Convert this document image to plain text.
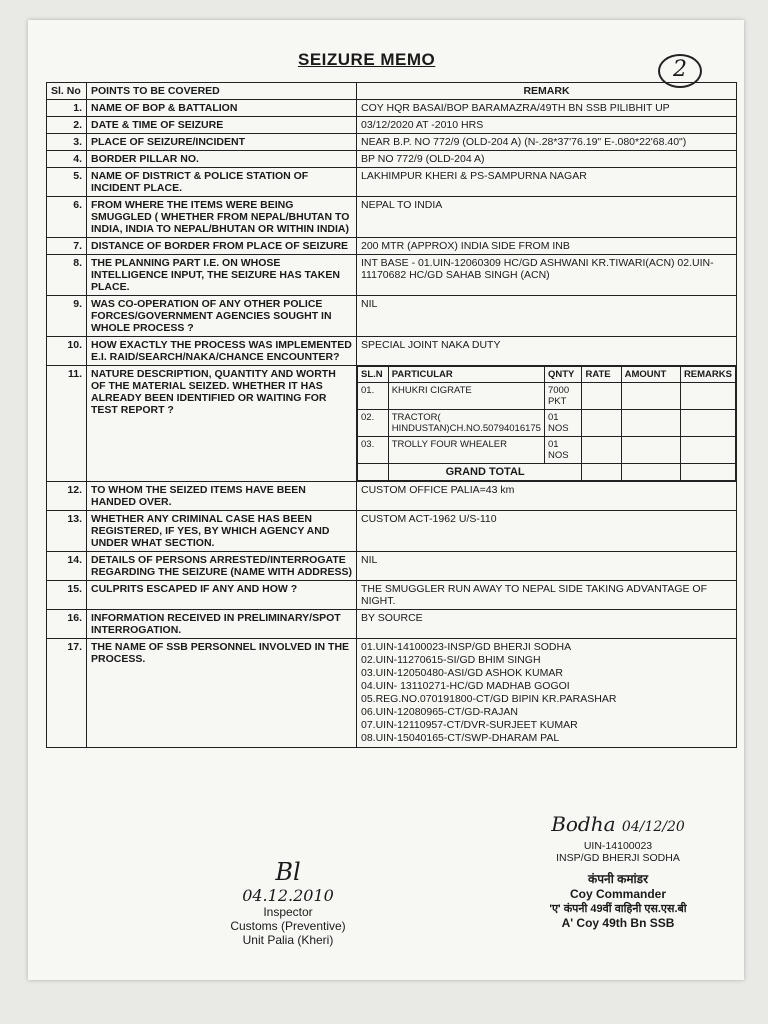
SEIZURE MEMO	2
Sl. No	POINTS TO BE COVERED	REMARK
1.	NAME OF BOP & BATTALION	COY HQR BASAI/BOP BARAMAZRA/49TH BN SSB PILIBHIT UP
2.	DATE & TIME OF SEIZURE	03/12/2020 AT -2010 HRS
3.	PLACE OF SEIZURE/INCIDENT	NEAR B.P. NO 772/9 (OLD-204 A) (N-.28*37'76.19" E-.080*22'68.40")
4.	BORDER PILLAR NO.	BP NO 772/9 (OLD-204 A)
5.	NAME OF DISTRICT & POLICE STATION OF INCIDENT PLACE.	LAKHIMPUR KHERI & PS-SAMPURNA NAGAR
6.	FROM WHERE THE ITEMS WERE BEING SMUGGLED ( WHETHER FROM NEPAL/BHUTAN TO INDIA, INDIA TO NEPAL/BHUTAN OR WITHIN INDIA)	NEPAL TO INDIA
7.	DISTANCE OF BORDER FROM PLACE OF SEIZURE	200 MTR (APPROX) INDIA SIDE FROM INB
8.	THE PLANNING PART I.E. ON WHOSE INTELLIGENCE INPUT, THE SEIZURE HAS TAKEN PLACE.	INT BASE - 01.UIN-12060309 HC/GD ASHWANI KR.TIWARI(ACN) 02.UIN-11170682 HC/GD SAHAB SINGH (ACN)
9.	WAS CO-OPERATION OF ANY OTHER POLICE FORCES/GOVERNMENT AGENCIES SOUGHT IN WHOLE PROCESS ?	NIL
10.	HOW EXACTLY THE PROCESS WAS IMPLEMENTED E.I. RAID/SEARCH/NAKA/CHANCE ENCOUNTER?	SPECIAL JOINT NAKA DUTY
11.	NATURE DESCRIPTION, QUANTITY AND WORTH OF THE MATERIAL SEIZED. WHETHER IT HAS ALREADY BEEN IDENTIFIED OR WAITING FOR TEST REPORT ?	
SL.N	PARTICULAR	QNTY	RATE	AMOUNT	REMARKS
01.	KHUKRI CIGRATE	7000 PKT			
02.	TRACTOR( HINDUSTAN)CH.NO.50794016175	01 NOS			
03.	TROLLY FOUR WHEALER	01 NOS			
	GRAND TOTAL			

12.	TO WHOM THE SEIZED ITEMS HAVE BEEN HANDED OVER.	CUSTOM OFFICE PALIA=43 km
13.	WHETHER ANY CRIMINAL CASE HAS BEEN REGISTERED, IF YES, BY WHICH AGENCY AND UNDER WHAT SECTION.	CUSTOM ACT-1962 U/S-110
14.	DETAILS OF PERSONS ARRESTED/INTERROGATE REGARDING THE SEIZURE (NAME WITH ADDRESS)	NIL
15.	CULPRITS ESCAPED IF ANY AND HOW ?	THE SMUGGLER RUN AWAY TO NEPAL SIDE TAKING ADVANTAGE OF NIGHT.
16.	INFORMATION RECEIVED IN PRELIMINARY/SPOT INTERROGATION.	BY SOURCE
17.	THE NAME OF SSB PERSONNEL INVOLVED IN THE PROCESS.	
01.UIN-14100023-INSP/GD BHERJI SODHA
02.UIN-11270615-SI/GD BHIM SINGH
03.UIN-12050480-ASI/GD ASHOK KUMAR
04.UIN- 13110271-HC/GD MADHAB GOGOI
05.REG.NO.070191800-CT/GD BIPIN KR.PARASHAR
06.UIN-12080965-CT/GD-RAJAN
07.UIN-12110957-CT/DVR-SURJEET KUMAR
08.UIN-15040165-CT/SWP-DHARAM PAL
Bl
04.12.2010
Inspector
Customs (Preventive)
Unit Palia (Kheri)
Bodha 04/12/20
UIN-14100023
INSP/GD BHERJI SODHA
कंपनी कमांडर
Coy Commander
'ए' कंपनी 49वीं वाहिनी एस.एस.बी
A' Coy 49th Bn SSB
